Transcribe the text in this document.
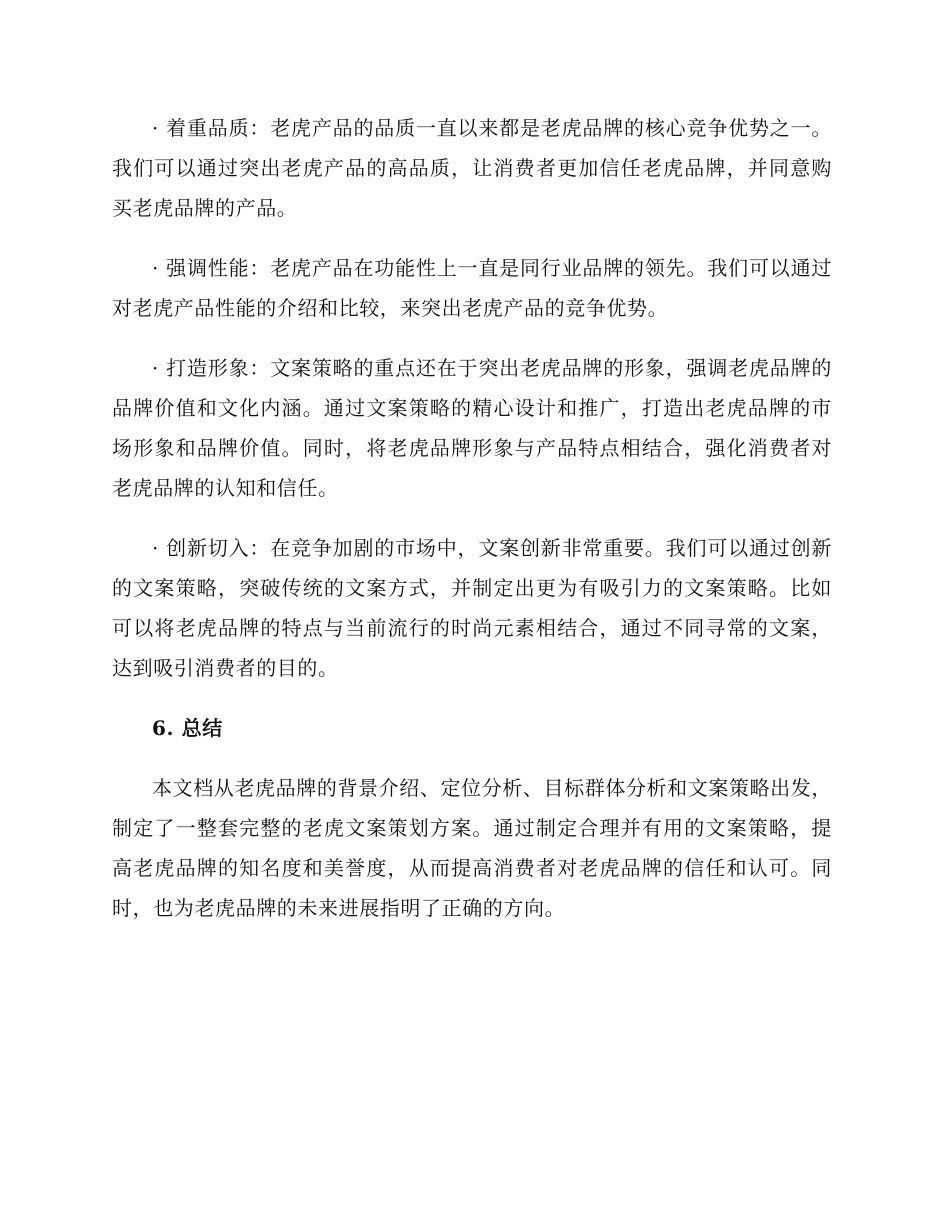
· 着重品质：老虎产品的品质一直以来都是老虎品牌的核心竞争优势之一。我们可以通过突出老虎产品的高品质，让消费者更加信任老虎品牌，并同意购买老虎品牌的产品。

· 强调性能：老虎产品在功能性上一直是同行业品牌的领先。我们可以通过对老虎产品性能的介绍和比较，来突出老虎产品的竞争优势。

· 打造形象：文案策略的重点还在于突出老虎品牌的形象，强调老虎品牌的品牌价值和文化内涵。通过文案策略的精心设计和推广，打造出老虎品牌的市场形象和品牌价值。同时，将老虎品牌形象与产品特点相结合，强化消费者对老虎品牌的认知和信任。

· 创新切入：在竞争加剧的市场中，文案创新非常重要。我们可以通过创新的文案策略，突破传统的文案方式，并制定出更为有吸引力的文案策略。比如可以将老虎品牌的特点与当前流行的时尚元素相结合，通过不同寻常的文案，达到吸引消费者的目的。

6. 总结

本文档从老虎品牌的背景介绍、定位分析、目标群体分析和文案策略出发，制定了一整套完整的老虎文案策划方案。通过制定合理并有用的文案策略，提高老虎品牌的知名度和美誉度，从而提高消费者对老虎品牌的信任和认可。同时，也为老虎品牌的未来进展指明了正确的方向。
